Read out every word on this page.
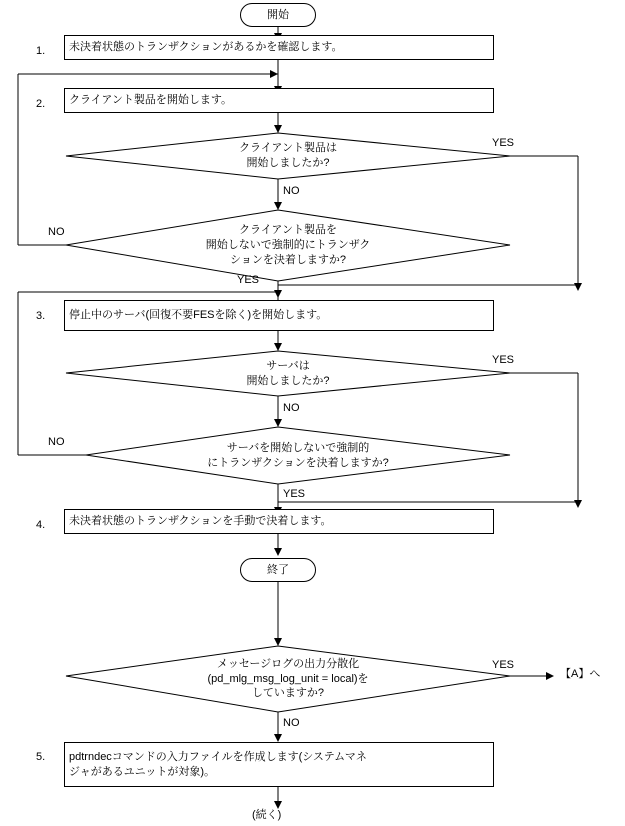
開始
1. 未決着状態のトランザクションがあるかを確認します。
2. クライアント製品を開始します。
クライアント製品は
開始しましたか?
YES
NO
クライアント製品を
開始しないで強制的にトランザク
ションを決着しますか?
NO
YES
3. 停止中のサーバ(回復不要FESを除く)を開始します。
サーバは
開始しましたか?
YES
NO
サーバを開始しないで強制的
にトランザクションを決着しますか?
NO
YES
4. 未決着状態のトランザクションを手動で決着します。
終了
メッセージログの出力分散化
(pd_mlg_msg_log_unit = local)を
していますか?
YES
NO
【A】へ
5. pdtrndecコマンドの入力ファイルを作成します(システムマネ
ジャがあるユニットが対象)。
(続く)
